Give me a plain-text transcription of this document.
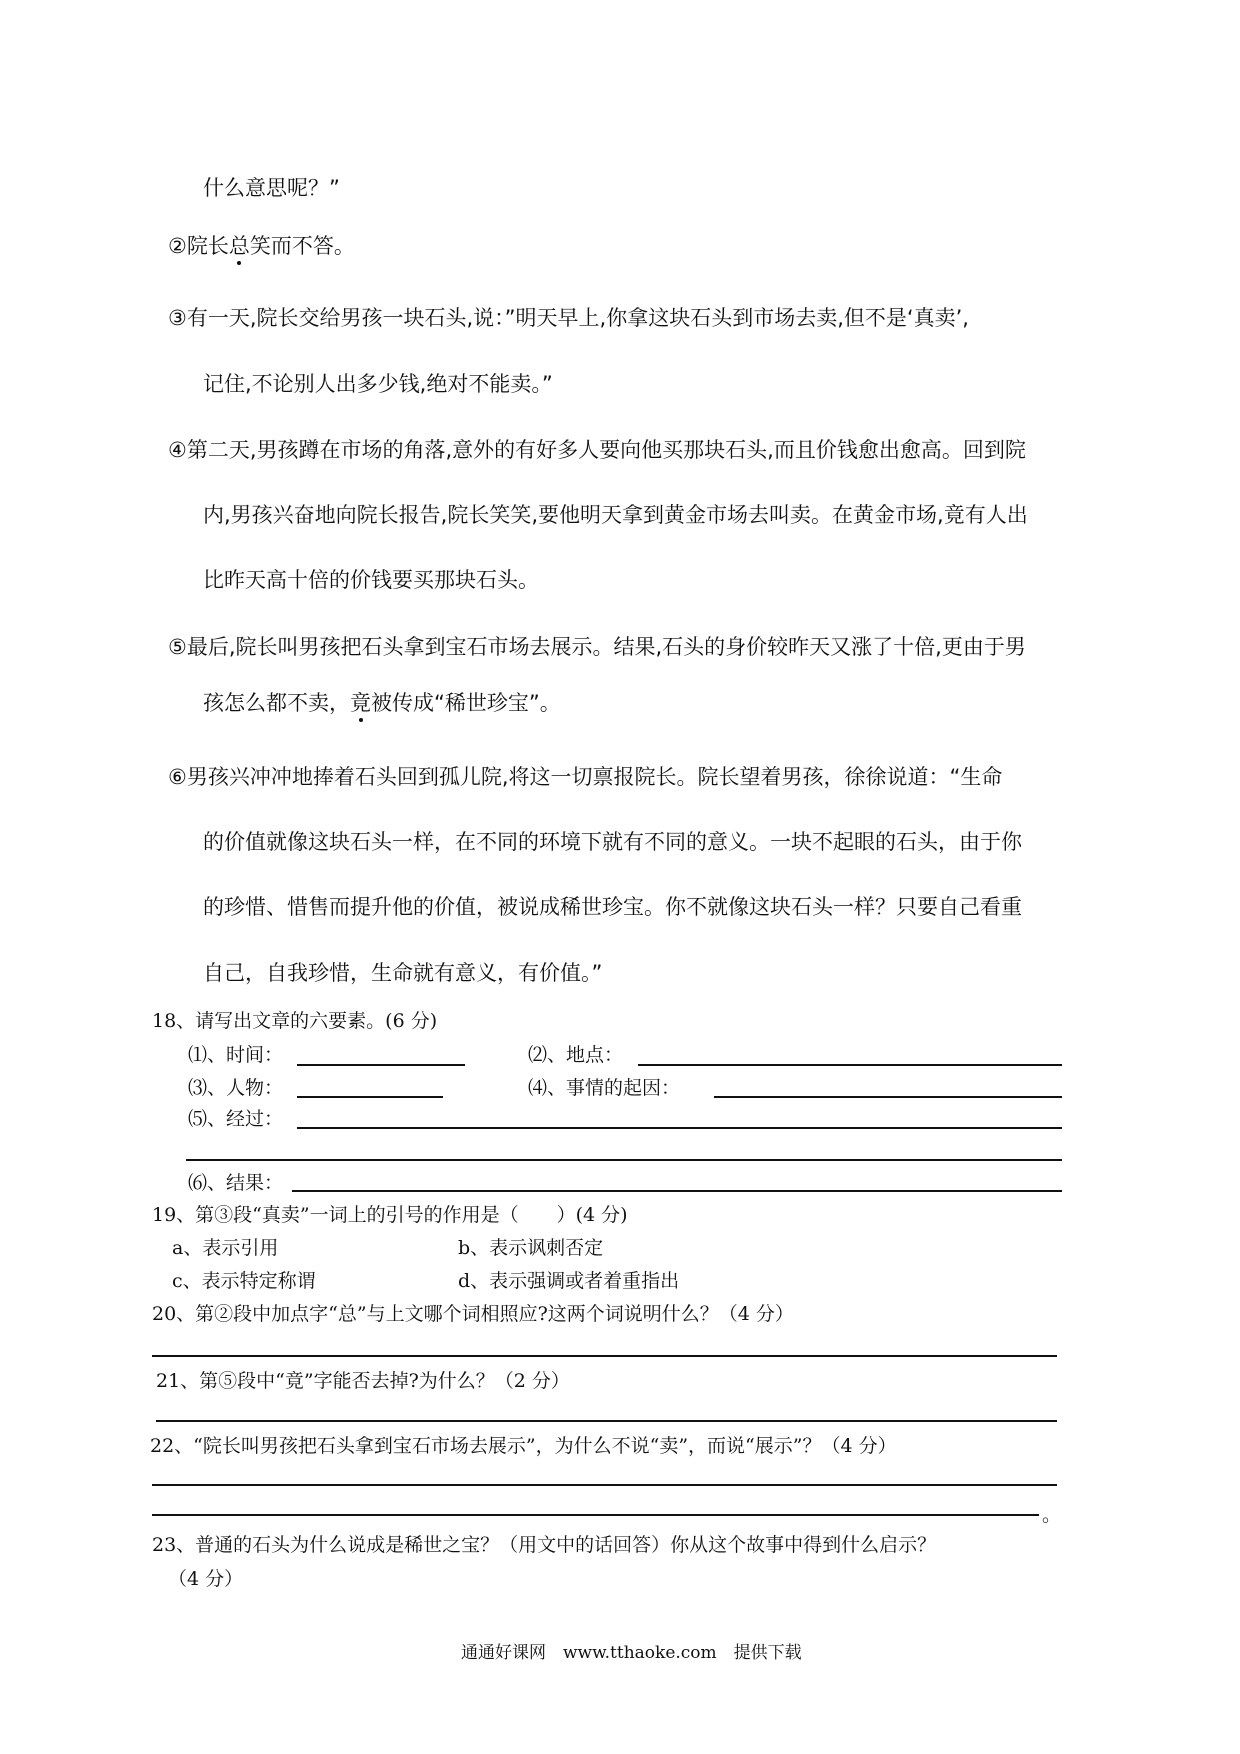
什么意思呢？”
②院长总笑而不答。
③有一天,院长交给男孩一块石头,说：”明天早上,你拿这块石头到市场去卖,但不是‘真卖’,
记住,不论别人出多少钱,绝对不能卖。”
④第二天,男孩蹲在市场的角落,意外的有好多人要向他买那块石头,而且价钱愈出愈高。回到院
内,男孩兴奋地向院长报告,院长笑笑,要他明天拿到黄金市场去叫卖。在黄金市场,竟有人出
比昨天高十倍的价钱要买那块石头。
⑤最后,院长叫男孩把石头拿到宝石市场去展示。结果,石头的身价较昨天又涨了十倍,更由于男
孩怎么都不卖，竟被传成“稀世珍宝”。
⑥男孩兴冲冲地捧着石头回到孤儿院,将这一切禀报院长。院长望着男孩，徐徐说道：“生命
的价值就像这块石头一样，在不同的环境下就有不同的意义。一块不起眼的石头，由于你
的珍惜、惜售而提升他的价值，被说成稀世珍宝。你不就像这块石头一样？只要自己看重
自己，自我珍惜，生命就有意义，有价值。”
18、请写出文章的六要素。(6 分)
⑴、时间：	⑵、地点：
⑶、人物：	⑷、事情的起因：
⑸、经过：
⑹、结果：
19、第③段“真卖”一词上的引号的作用是（　　）(4 分)
a、表示引用	b、表示讽刺否定
c、表示特定称谓	d、表示强调或者着重指出
20、第②段中加点字“总”与上文哪个词相照应?这两个词说明什么？（4 分）
21、第⑤段中“竟”字能否去掉?为什么？（2 分）
22、“院长叫男孩把石头拿到宝石市场去展示”，为什么不说“卖”，而说“展示”？（4 分）
。
23、普通的石头为什么说成是稀世之宝？（用文中的话回答）你从这个故事中得到什么启示？
（4 分）
通通好课网　www.tthaoke.com　提供下载
